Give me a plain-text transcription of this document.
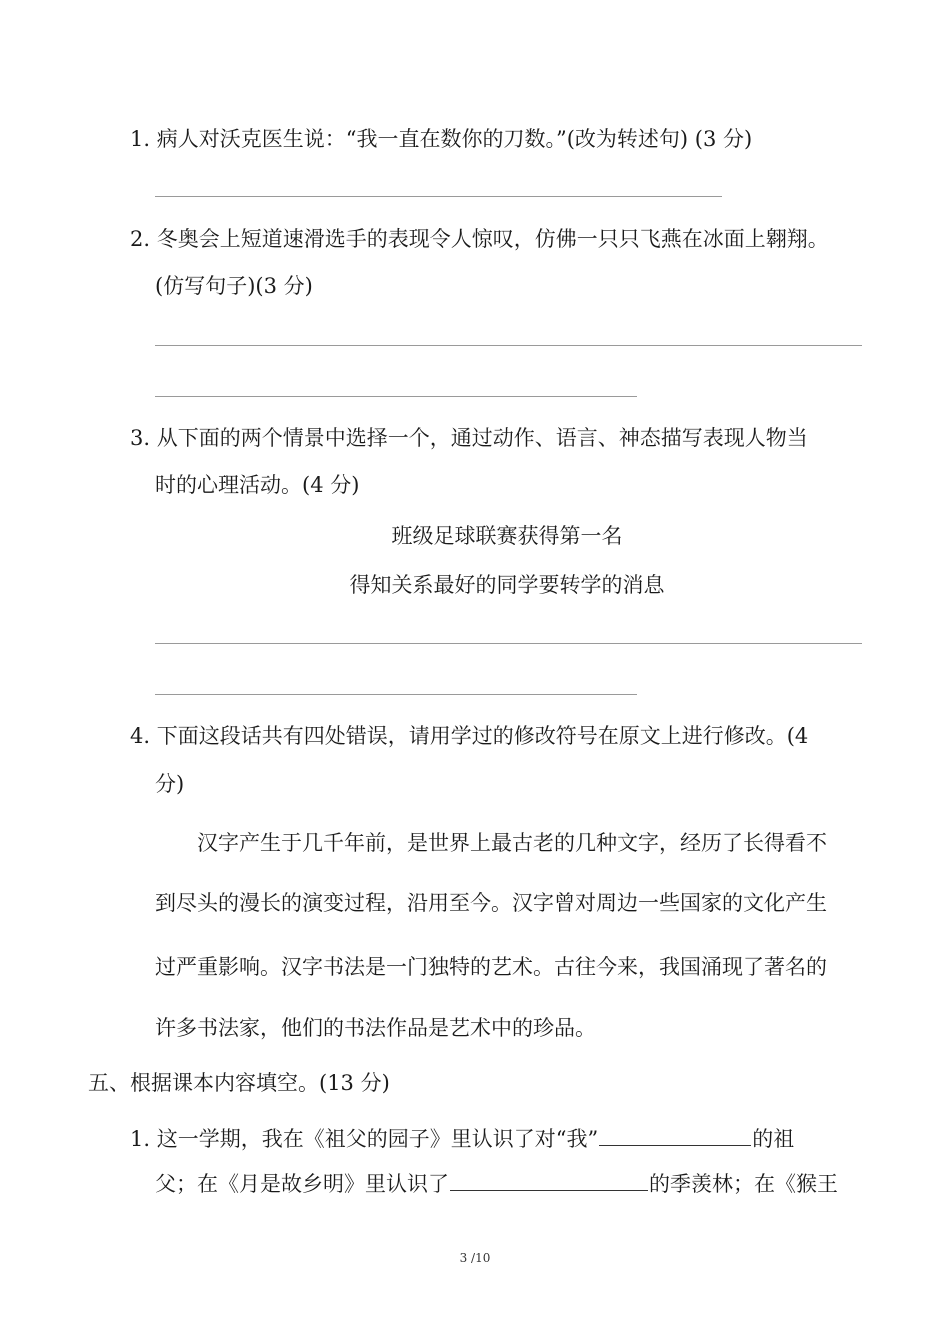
1. 病人对沃克医生说：“我一直在数你的刀数。”(改为转述句) (3 分)
2. 冬奥会上短道速滑选手的表现令人惊叹，仿佛一只只飞燕在冰面上翱翔。
(仿写句子)(3 分)
3. 从下面的两个情景中选择一个，通过动作、语言、神态描写表现人物当
时的心理活动。(4 分)
班级足球联赛获得第一名
得知关系最好的同学要转学的消息
4. 下面这段话共有四处错误，请用学过的修改符号在原文上进行修改。(4
分)
汉字产生于几千年前，是世界上最古老的几种文字，经历了长得看不
到尽头的漫长的演变过程，沿用至今。汉字曾对周边一些国家的文化产生
过严重影响。汉字书法是一门独特的艺术。古往今来，我国涌现了著名的
许多书法家，他们的书法作品是艺术中的珍品。
五、根据课本内容填空。(13 分)
1. 这一学期，我在《祖父的园子》里认识了对“我”	的祖
父；在《月是故乡明》里认识了	的季羡林；在《猴王
3 /10
